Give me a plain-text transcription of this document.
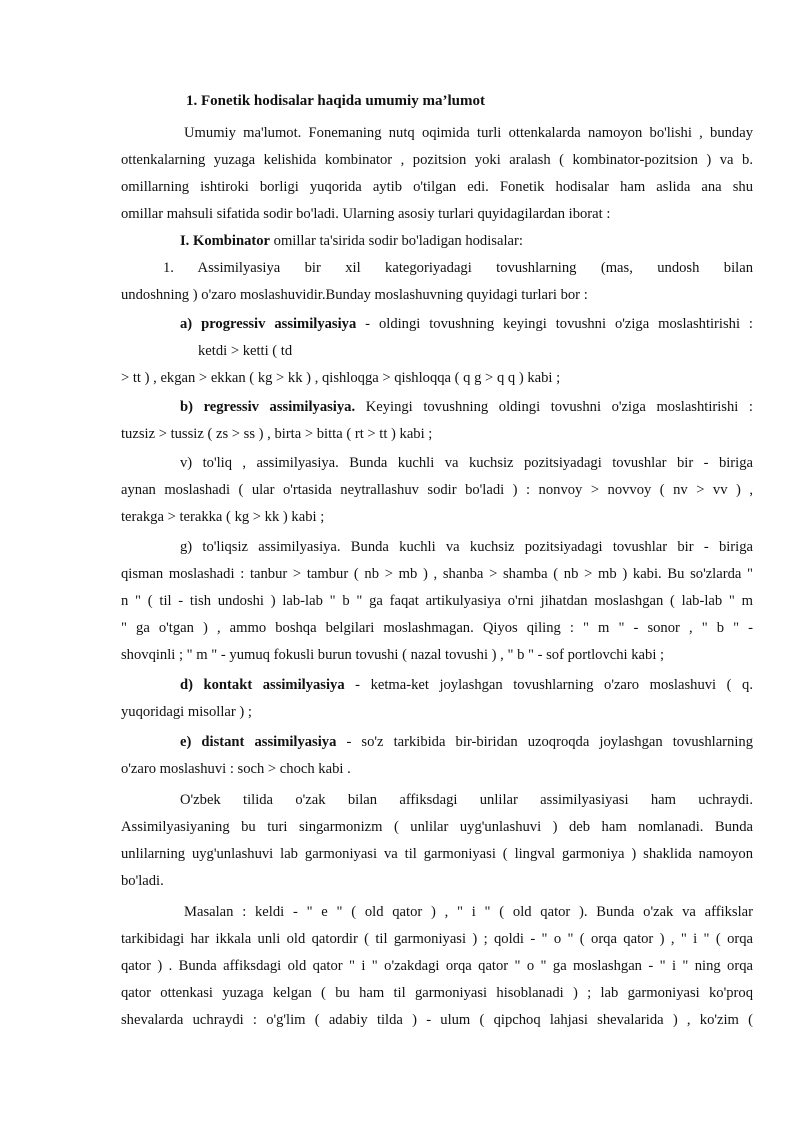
1. Fonetik hodisalar haqida umumiy ma’lumot
Umumiy ma'lumot. Fonemaning nutq oqimida turli ottenkalarda namoyon bo'lishi , bunday
ottenkalarning yuzaga kelishida kombinator , pozitsion yoki aralash ( kombinator-pozitsion ) va b.
omillarning ishtiroki borligi yuqorida aytib o'tilgan edi. Fonetik hodisalar ham aslida ana shu
omillar mahsuli sifatida sodir bo'ladi. Ularning asosiy turlari quyidagilardan iborat :
I. Kombinator omillar ta'sirida sodir bo'ladigan hodisalar:
1. Assimilyasiya bir xil kategoriyadagi tovushlarning (mas, undosh bilan
undoshning ) o'zaro moslashuvidir.Bunday moslashuvning quyidagi turlari bor :
a) progressiv assimilyasiya - oldingi tovushning keyingi tovushni o'ziga moslashtirishi :
ketdi > ketti ( td
> tt ) , ekgan > ekkan ( kg > kk ) , qishloqga > qishloqqa ( q g > q q ) kabi ;
b) regressiv assimilyasiya. Keyingi tovushning oldingi tovushni o'ziga moslashtirishi :
tuzsiz > tussiz ( zs > ss ) , birta > bitta ( rt > tt ) kabi ;
v) to'liq , assimilyasiya. Bunda kuchli va kuchsiz pozitsiyadagi tovushlar bir - biriga
aynan moslashadi ( ular o'rtasida neytrallashuv sodir bo'ladi ) : nonvoy > novvoy ( nv > vv ) ,
terakga > terakka ( kg > kk ) kabi ;
g) to'liqsiz assimilyasiya. Bunda kuchli va kuchsiz pozitsiyadagi tovushlar bir - biriga
qisman moslashadi : tanbur > tambur ( nb > mb ) , shanba > shamba ( nb > mb ) kabi. Bu so'zlarda "
n " ( til - tish undoshi ) lab-lab " b " ga faqat artikulyasiya o'rni jihatdan moslashgan ( lab-lab " m
" ga o'tgan ) , ammo boshqa belgilari moslashmagan. Qiyos qiling : " m " - sonor , " b " -
shovqinli ; " m " - yumuq fokusli burun tovushi ( nazal tovushi ) , " b " - sof portlovchi kabi ;
d) kontakt assimilyasiya - ketma-ket joylashgan tovushlarning o'zaro moslashuvi ( q.
yuqoridagi misollar ) ;
e) distant assimilyasiya - so'z tarkibida bir-biridan uzoqroqda joylashgan tovushlarning
o'zaro moslashuvi : soch > choch kabi .
O'zbek tilida o'zak bilan affiksdagi unlilar assimilyasiyasi ham uchraydi.
Assimilyasiyaning bu turi singarmonizm ( unlilar uyg'unlashuvi ) deb ham nomlanadi. Bunda
unlilarning uyg'unlashuvi lab garmoniyasi va til garmoniyasi ( lingval garmoniya ) shaklida namoyon
bo'ladi.
Masalan : keldi - " e " ( old qator ) , " i " ( old qator ). Bunda o'zak va affikslar
tarkibidagi har ikkala unli old qatordir ( til garmoniyasi ) ; qoldi - " o " ( orqa qator ) , " i " ( orqa
qator ) . Bunda affiksdagi old qator " i " o'zakdagi orqa qator " o " ga moslashgan - " i " ning orqa
qator ottenkasi yuzaga kelgan ( bu ham til garmoniyasi hisoblanadi ) ; lab garmoniyasi ko'proq
shevalarda uchraydi : o'g'lim ( adabiy tilda ) - ulum ( qipchoq lahjasi shevalarida ) , ko'zim (
